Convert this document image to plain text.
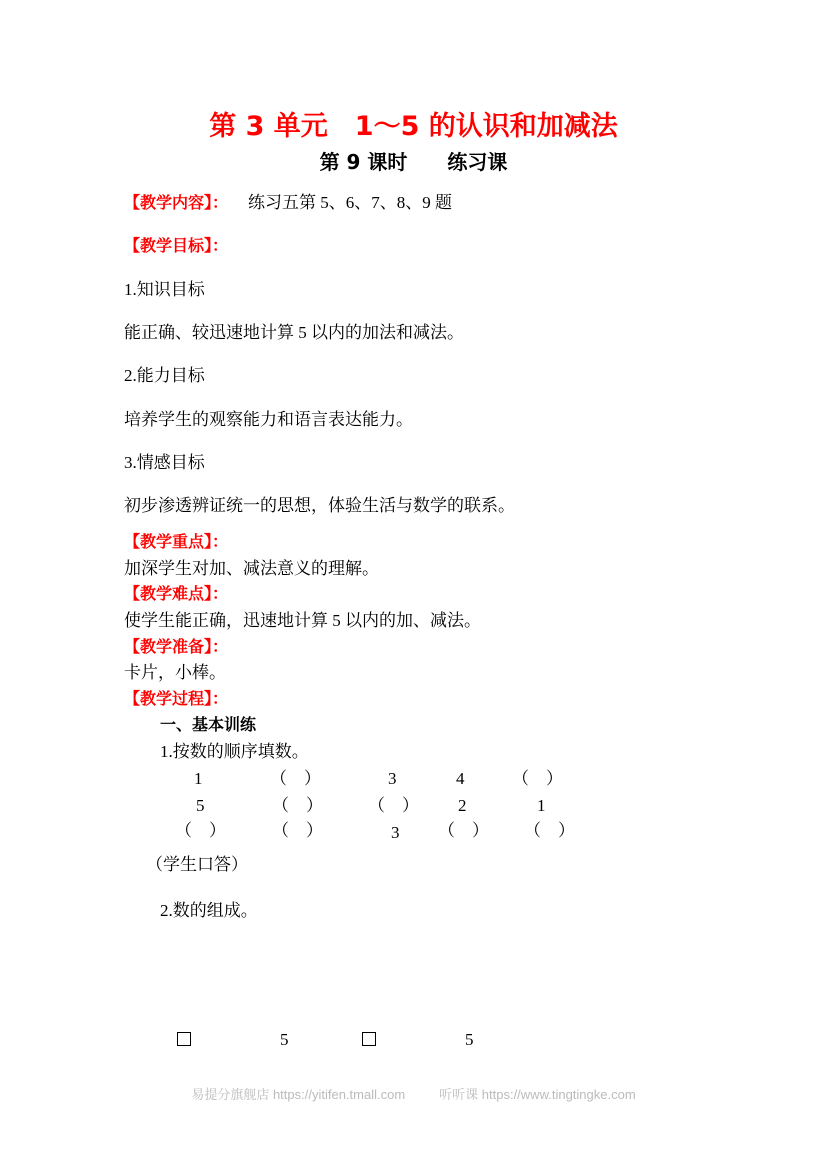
第 3 单元　1～5 的认识和加减法
第 9 课时　　练习课
【教学内容】： 练习五第 5、6、7、8、9 题
【教学目标】：
1.知识目标
能正确、较迅速地计算 5 以内的加法和减法。
2.能力目标
培养学生的观察能力和语言表达能力。
3.情感目标
初步渗透辨证统一的思想，体验生活与数学的联系。
【教学重点】：
加深学生对加、减法意义的理解。
【教学难点】：
使学生能正确，迅速地计算 5 以内的加、减法。
【教学准备】：
卡片，小棒。
【教学过程】：
一、基本训练
1.按数的顺序填数。
1	（　）	3	4	（　）
5	（　）	（　） 2	1
（　）	（　）	3 （　） （　）
（学生口答）
2.数的组成。
5	5
易提分旗舰店 https://yitifen.tmall.com	听听课 https://www.tingtingke.com
